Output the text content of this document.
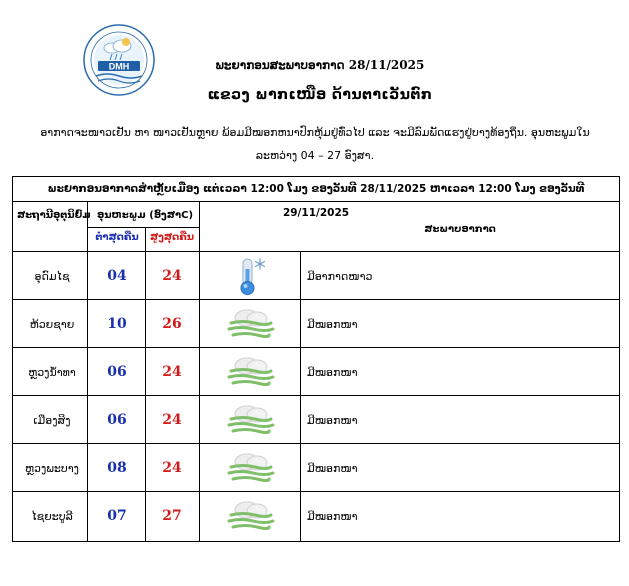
DMH	ພະຍາກອນສະພາບອາກາດ 28/11/2025
ແຂວງ ພາກເໜືອ ດ້ານຕາເວັນຕົກ
ອາກາດຈະໜາວເຢັນ ຫາ ໜາວເຢັນຫຼາຍ ພ້ອມມີໝອກຫນາປົກຫຸ້ມຢູ່ທົ່ວໄປ ແລະ ຈະມີລົມພັດແຮງຢູ່ບາງທ້ອງຖິ່ນ. ອຸນຫະພູມໃນ
ລະຫວ່າງ 04 – 27 ອົງສາ.
ພະຍາກອນອາກາດສຳຫຼັບເມືອງ ແຕ່ເວລາ 12:00 ໂມງ ຂອງວັນທີ 28/11/2025 ຫາເວລາ 12:00 ໂມງ ຂອງວັນທີ 29/11/2025
ສະຖານີອຸຕຸນິຍົມ ອຸນຫະພູມ (ອົງສາC)
ຕ່ຳສຸດຄືນ	ສູງສຸດຄືນ
ສະພາບອາກາດ
ອຸດົມໄຊ	04	24	ມີອາກາດໜາວ
ຫ້ວຍຊາຍ	10	26	ມີໝອກໜາ
ຫຼວງນ້ຳທາ	06	24	ມີໝອກໜາ
ເມືອງສິງ	06	24	ມີໝອກໜາ
ຫຼວງພະບາງ	08	24	ມີໝອກໜາ
ໄຊຍະບູລີ	07	27	ມີໝອກໜາ
